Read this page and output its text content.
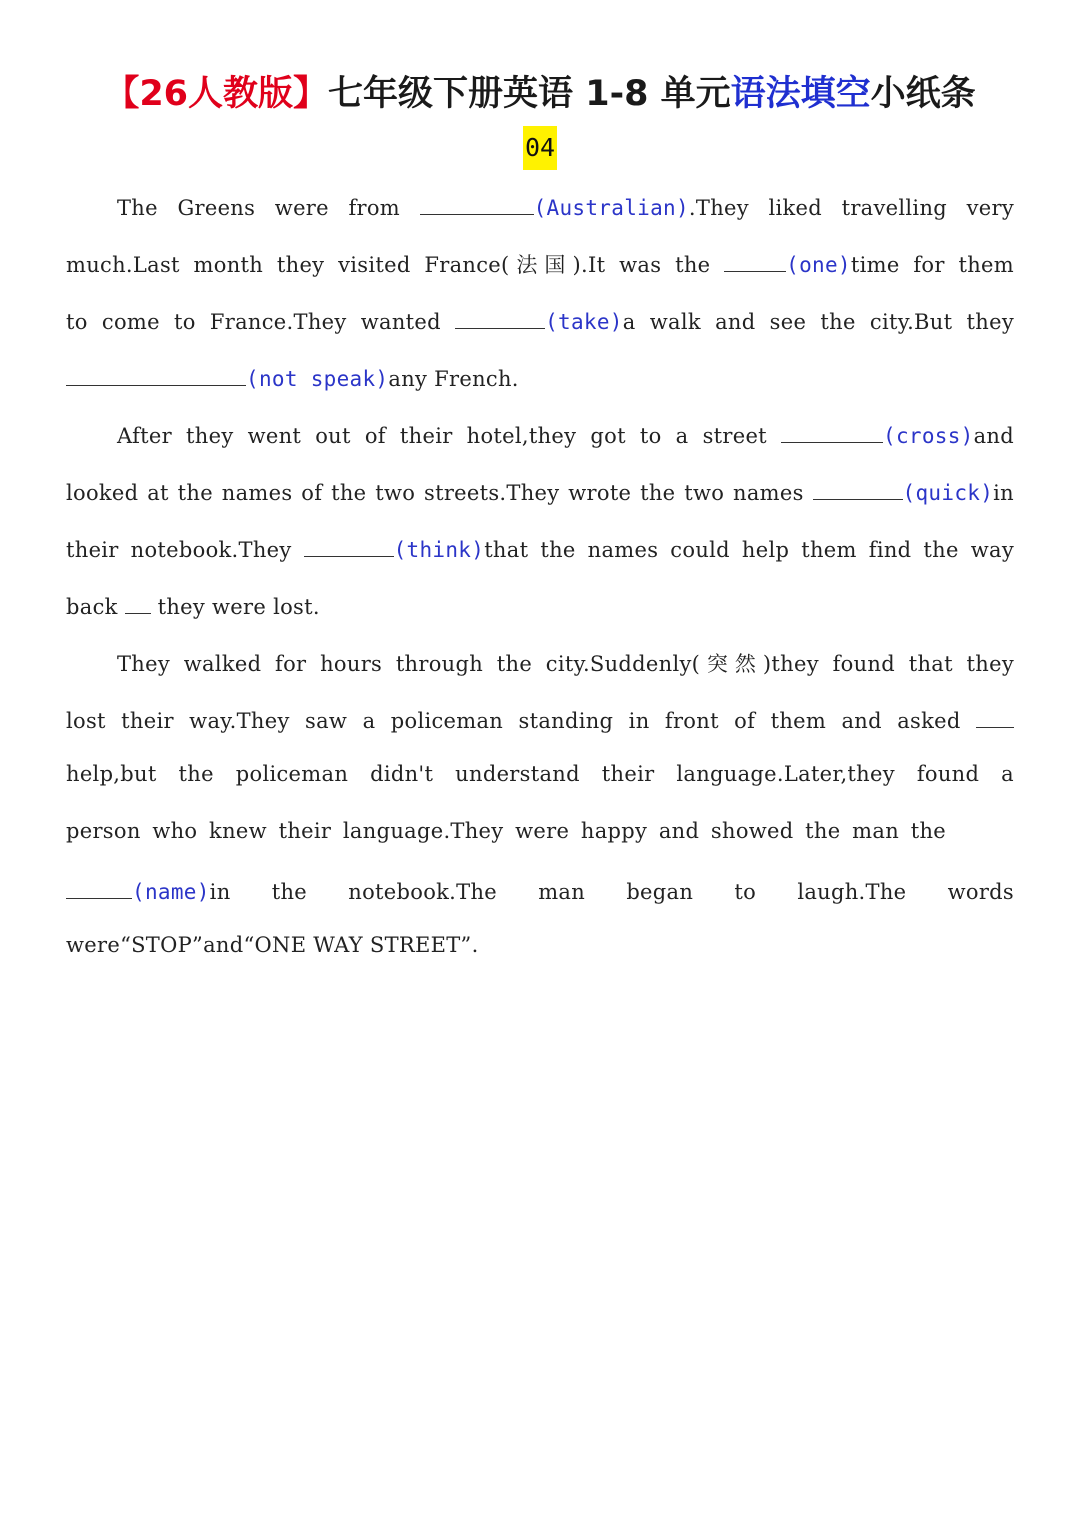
【26人教版】七年级下册英语 1-8 单元语法填空小纸条
04
The Greens were from	(Australian).They liked travelling very
much.Last month they visited France(法国).It was the	(one)time for them
to come to France.They wanted	(take)a walk and see the city.But they
(not speak)any French.
After they went out of their hotel,they got to a street	(cross)and
looked at the names of the two streets.They wrote the two names	(quick)in
their notebook.They	(think)that the names could help them find the way
back  they were lost.
They walked for hours through the city.Suddenly(突然)they found that they
lost their way.They saw a policeman standing in front of them and asked
help,but the policeman didn't understand their language.Later,they found a
person who knew their language.They were happy and showed the man the
(name)in the notebook.The man began to laugh.The words
were“STOP”and“ONE WAY STREET”.
